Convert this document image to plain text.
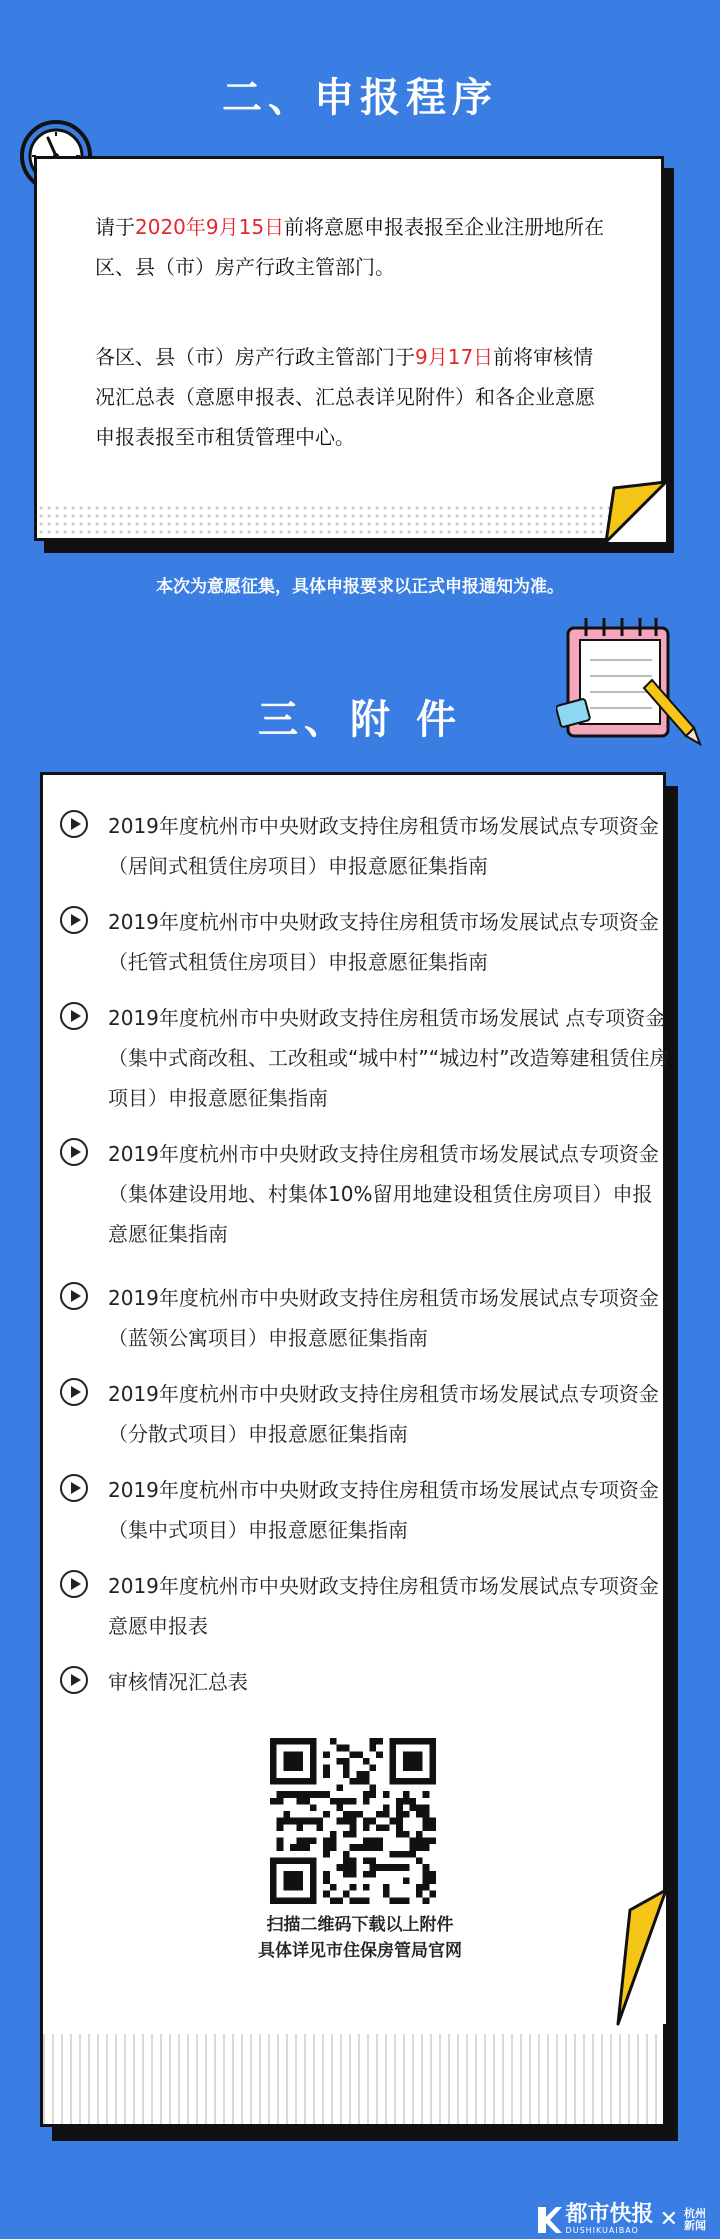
二、申报程序
请于2020年9月15日前将意愿申报表报至企业注册地所在区、县（市）房产行政主管部门。
各区、县（市）房产行政主管部门于9月17日前将审核情况汇总表（意愿申报表、汇总表详见附件）和各企业意愿申报表报至市租赁管理中心。
本次为意愿征集，具体申报要求以正式申报通知为准。
三、附 件
2019年度杭州市中央财政支持住房租赁市场发展试点专项资金（居间式租赁住房项目）申报意愿征集指南
2019年度杭州市中央财政支持住房租赁市场发展试点专项资金（托管式租赁住房项目）申报意愿征集指南
2019年度杭州市中央财政支持住房租赁市场发展试 点专项资金（集中式商改租、工改租或“城中村”“城边村”改造筹建租赁住房项目）申报意愿征集指南
2019年度杭州市中央财政支持住房租赁市场发展试点专项资金（集体建设用地、村集体10%留用地建设租赁住房项目）申报意愿征集指南
2019年度杭州市中央财政支持住房租赁市场发展试点专项资金（蓝领公寓项目）申报意愿征集指南
2019年度杭州市中央财政支持住房租赁市场发展试点专项资金（分散式项目）申报意愿征集指南
2019年度杭州市中央财政支持住房租赁市场发展试点专项资金（集中式项目）申报意愿征集指南
2019年度杭州市中央财政支持住房租赁市场发展试点专项资金意愿申报表
审核情况汇总表
扫描二维码下载以上附件
具体详见市住保房管局官网
都市快报
DUSHIKUAIBAO ✕ 杭州新闻
